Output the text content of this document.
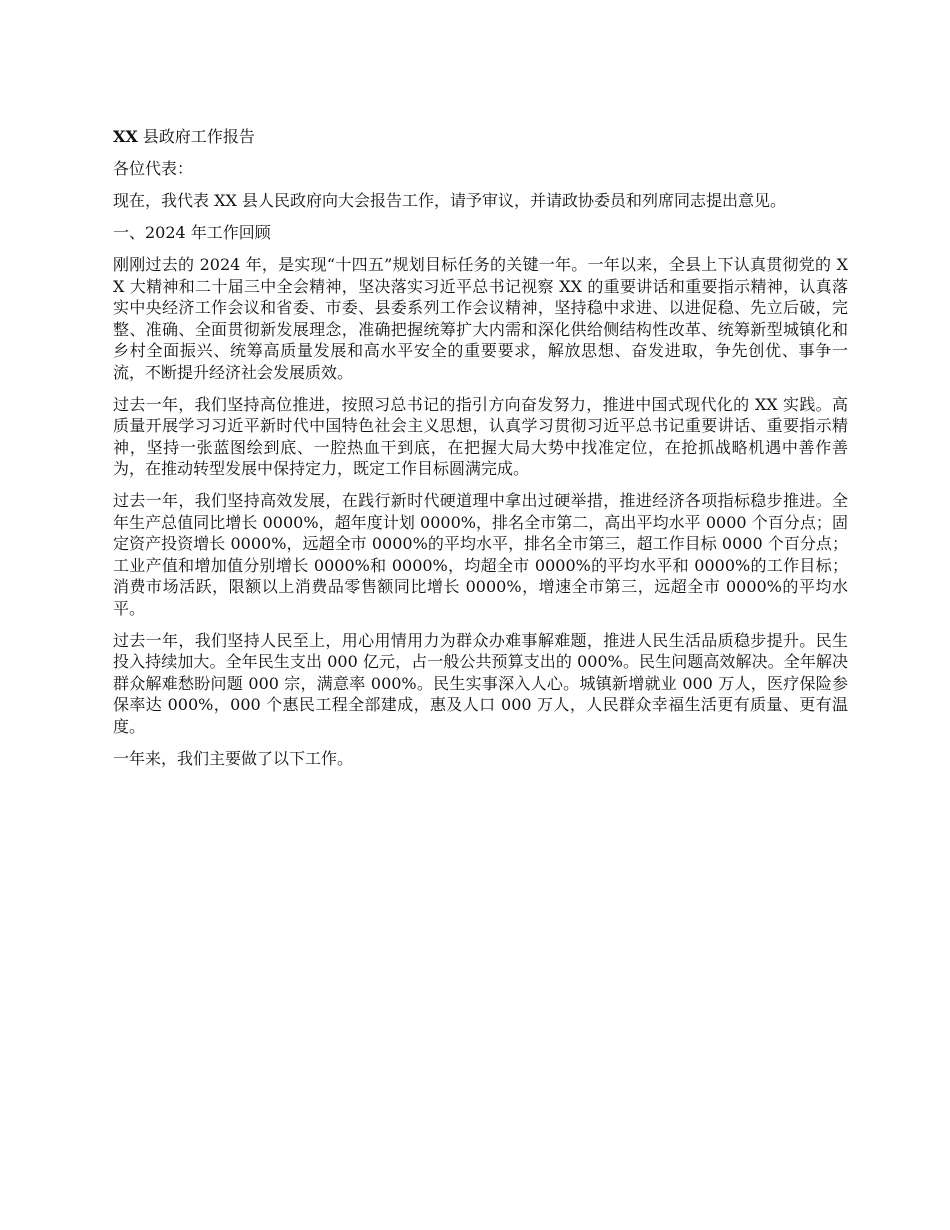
XX 县政府工作报告

各位代表：

现在，我代表 XX 县人民政府向大会报告工作，请予审议，并请政协委员和列席同志提出意见。

一、2024 年工作回顾

刚刚过去的 2024 年，是实现“十四五”规划目标任务的关键一年。一年以来，全县上下认真贯彻党的 XX 大精神和二十届三中全会精神，坚决落实习近平总书记视察 XX 的重要讲话和重要指示精神，认真落实中央经济工作会议和省委、市委、县委系列工作会议精神，坚持稳中求进、以进促稳、先立后破，完整、准确、全面贯彻新发展理念，准确把握统筹扩大内需和深化供给侧结构性改革、统筹新型城镇化和乡村全面振兴、统筹高质量发展和高水平安全的重要要求，解放思想、奋发进取，争先创优、事争一流，不断提升经济社会发展质效。

过去一年，我们坚持高位推进，按照习总书记的指引方向奋发努力，推进中国式现代化的 XX 实践。高质量开展学习习近平新时代中国特色社会主义思想，认真学习贯彻习近平总书记重要讲话、重要指示精神，坚持一张蓝图绘到底、一腔热血干到底，在把握大局大势中找准定位，在抢抓战略机遇中善作善为，在推动转型发展中保持定力，既定工作目标圆满完成。

过去一年，我们坚持高效发展，在践行新时代硬道理中拿出过硬举措，推进经济各项指标稳步推进。全年生产总值同比增长 0000%，超年度计划 0000%，排名全市第二，高出平均水平 0000 个百分点；固定资产投资增长 0000%，远超全市 0000%的平均水平，排名全市第三，超工作目标 0000 个百分点；工业产值和增加值分别增长 0000%和 0000%，均超全市 0000%的平均水平和 0000%的工作目标；消费市场活跃，限额以上消费品零售额同比增长 0000%，增速全市第三，远超全市 0000%的平均水平。

过去一年，我们坚持人民至上，用心用情用力为群众办难事解难题，推进人民生活品质稳步提升。民生投入持续加大。全年民生支出 000 亿元，占一般公共预算支出的 000%。民生问题高效解决。全年解决群众解难愁盼问题 000 宗，满意率 000%。民生实事深入人心。城镇新增就业 000 万人，医疗保险参保率达 000%，000 个惠民工程全部建成，惠及人口 000 万人，人民群众幸福生活更有质量、更有温度。

一年来，我们主要做了以下工作。
